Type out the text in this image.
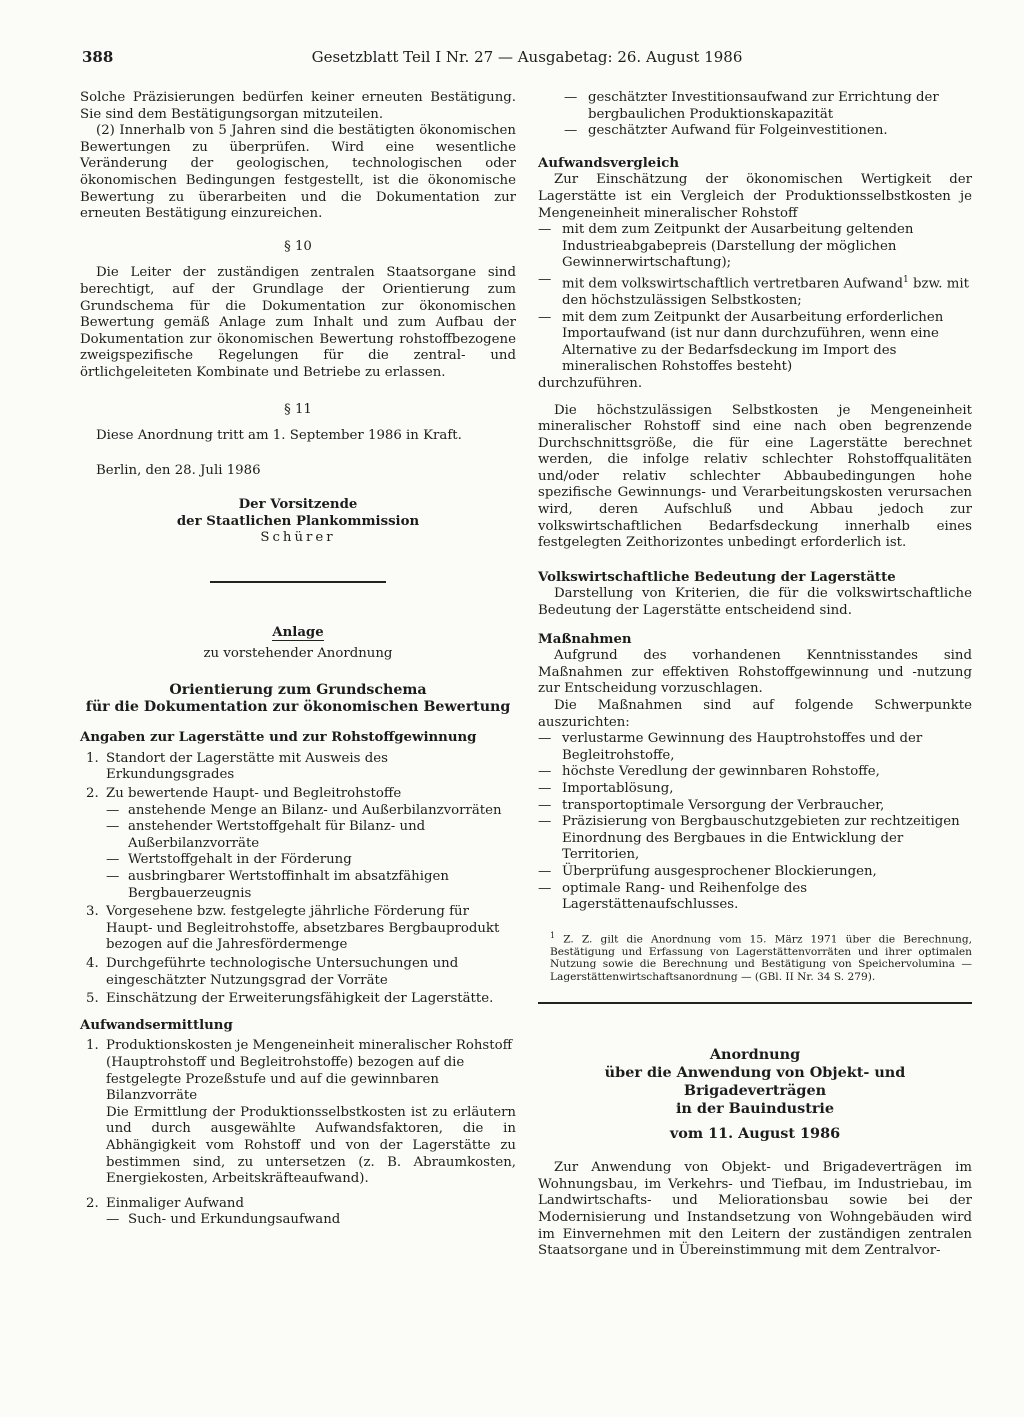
388	Gesetzblatt Teil I Nr. 27 — Ausgabetag: 26. August 1986

Solche Präzisierungen bedürfen keiner erneuten Bestätigung. Sie sind dem Bestätigungsorgan mitzuteilen.

(2) Innerhalb von 5 Jahren sind die bestätigten ökonomischen Bewertungen zu überprüfen. Wird eine wesentliche Veränderung der geologischen, technologischen oder ökonomischen Bedingungen festgestellt, ist die ökonomische Bewertung zu überarbeiten und die Dokumentation zur erneuten Bestätigung einzureichen.

§ 10

Die Leiter der zuständigen zentralen Staatsorgane sind berechtigt, auf der Grundlage der Orientierung zum Grundschema für die Dokumentation zur ökonomischen Bewertung gemäß Anlage zum Inhalt und zum Aufbau der Dokumentation zur ökonomischen Bewertung rohstoffbezogene zweigspezifische Regelungen für die zentral- und örtlichgeleiteten Kombinate und Betriebe zu erlassen.

§ 11

Diese Anordnung tritt am 1. September 1986 in Kraft.

Berlin, den 28. Juli 1986

Der Vorsitzende
der Staatlichen Plankommission
Schürer
Anlage
zu vorstehender Anordnung
Orientierung zum Grundschema
für die Dokumentation zur ökonomischen Bewertung
Angaben zur Lagerstätte und zur Rohstoffgewinnung
1. Standort der Lagerstätte mit Ausweis des Erkundungsgrades
2. Zu bewertende Haupt- und Begleitrohstoffe
— anstehende Menge an Bilanz- und Außerbilanzvorräten
— anstehender Wertstoffgehalt für Bilanz- und Außerbilanzvorräte
— Wertstoffgehalt in der Förderung
— ausbringbarer Wertstoffinhalt im absatzfähigen Bergbauerzeugnis
3. Vorgesehene bzw. festgelegte jährliche Förderung für Haupt- und Begleitrohstoffe, absetzbares Bergbauprodukt bezogen auf die Jahresfördermenge
4. Durchgeführte technologische Untersuchungen und eingeschätzter Nutzungsgrad der Vorräte
5. Einschätzung der Erweiterungsfähigkeit der Lagerstätte.
Aufwandsermittlung
1. Produktionskosten je Mengeneinheit mineralischer Rohstoff (Hauptrohstoff und Begleitrohstoffe) bezogen auf die festgelegte Prozeßstufe und auf die gewinnbaren Bilanzvorräte

Die Ermittlung der Produktionsselbstkosten ist zu erläutern und durch ausgewählte Aufwandsfaktoren, die in Abhängigkeit vom Rohstoff und von der Lagerstätte zu bestimmen sind, zu untersetzen (z. B. Abraumkosten, Energiekosten, Arbeitskräfteaufwand).

2. Einmaliger Aufwand
— Such- und Erkundungsaufwand
— geschätzter Investitionsaufwand zur Errichtung der bergbaulichen Produktionskapazität
— geschätzter Aufwand für Folgeinvestitionen.
Aufwandsvergleich

Zur Einschätzung der ökonomischen Wertigkeit der Lagerstätte ist ein Vergleich der Produktionsselbstkosten je Mengeneinheit mineralischer Rohstoff

— mit dem zum Zeitpunkt der Ausarbeitung geltenden Industrieabgabepreis (Darstellung der möglichen Gewinnerwirtschaftung);
— mit dem volkswirtschaftlich vertretbaren Aufwand$^1$ bzw. mit den höchstzulässigen Selbstkosten;
— mit dem zum Zeitpunkt der Ausarbeitung erforderlichen Importaufwand (ist nur dann durchzuführen, wenn eine Alternative zu der Bedarfsdeckung im Import des mineralischen Rohstoffes besteht)

durchzuführen.

Die höchstzulässigen Selbstkosten je Mengeneinheit mineralischer Rohstoff sind eine nach oben begrenzende Durchschnittsgröße, die für eine Lagerstätte berechnet werden, die infolge relativ schlechter Rohstoffqualitäten und/oder relativ schlechter Abbaubedingungen hohe spezifische Gewinnungs- und Verarbeitungskosten verursachen wird, deren Aufschluß und Abbau jedoch zur volkswirtschaftlichen Bedarfsdeckung innerhalb eines festgelegten Zeithorizontes unbedingt erforderlich ist.

Volkswirtschaftliche Bedeutung der Lagerstätte

Darstellung von Kriterien, die für die volkswirtschaftliche Bedeutung der Lagerstätte entscheidend sind.

Maßnahmen

Aufgrund des vorhandenen Kenntnisstandes sind Maßnahmen zur effektiven Rohstoffgewinnung und -nutzung zur Entscheidung vorzuschlagen.

Die Maßnahmen sind auf folgende Schwerpunkte auszurichten:

— verlustarme Gewinnung des Hauptrohstoffes und der Begleitrohstoffe,
— höchste Veredlung der gewinnbaren Rohstoffe,
— Importablösung,
— transportoptimale Versorgung der Verbraucher,
— Präzisierung von Bergbauschutzgebieten zur rechtzeitigen Einordnung des Bergbaues in die Entwicklung der Territorien,
— Überprüfung ausgesprochener Blockierungen,
— optimale Rang- und Reihenfolge des Lagerstättenaufschlusses.
$^1$ Z. Z. gilt die Anordnung vom 15. März 1971 über die Berechnung, Bestätigung und Erfassung von Lagerstättenvorräten und ihrer optimalen Nutzung sowie die Berechnung und Bestätigung von Speichervolumina — Lagerstättenwirtschaftsanordnung — (GBl. II Nr. 34 S. 279).
Anordnung
über die Anwendung von Objekt- und Brigadeverträgen
in der Bauindustrie
vom 11. August 1986

Zur Anwendung von Objekt- und Brigadeverträgen im Wohnungsbau, im Verkehrs- und Tiefbau, im Industriebau, im Landwirtschafts- und Meliorationsbau sowie bei der Modernisierung und Instandsetzung von Wohngebäuden wird im Einvernehmen mit den Leitern der zuständigen zentralen Staatsorgane und in Übereinstimmung mit dem Zentralvor-
